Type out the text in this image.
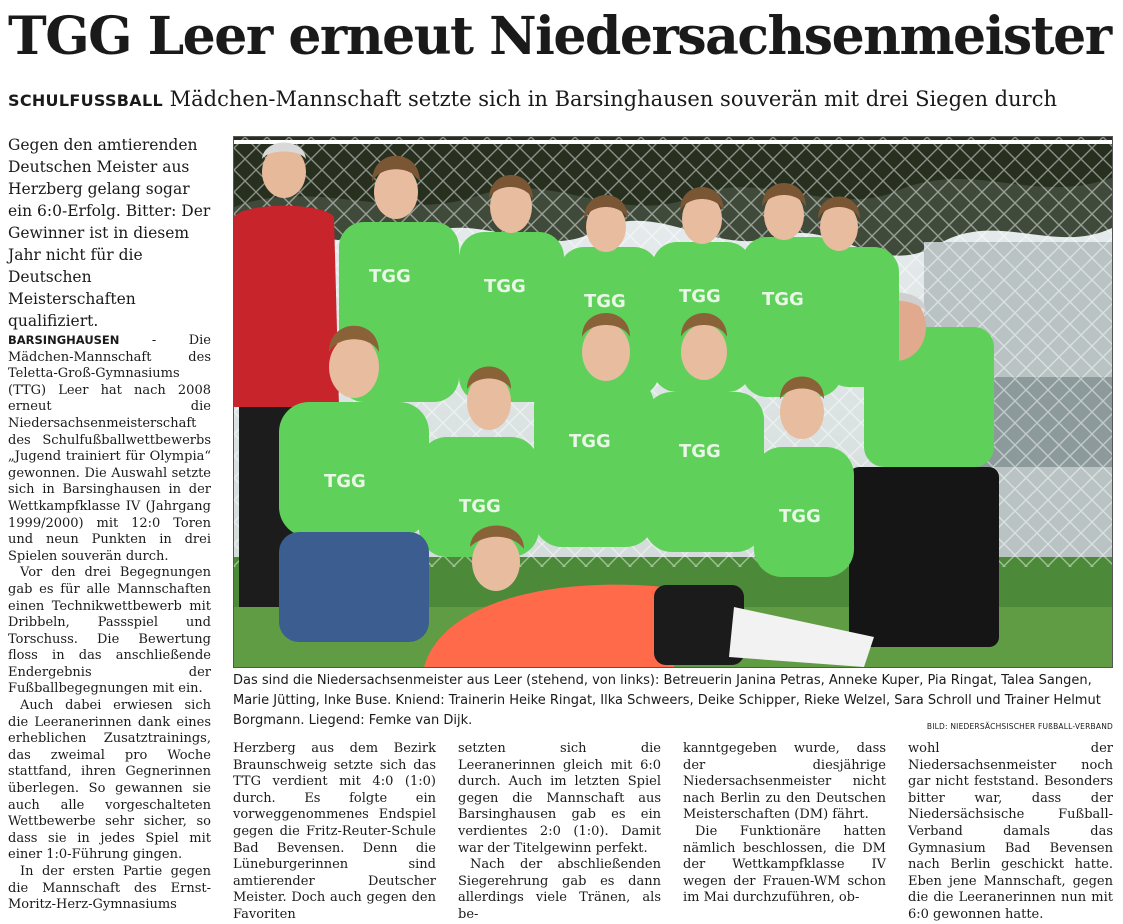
TGG Leer erneut Niedersachsenmeister
SCHULFUSSBALL Mädchen-Mannschaft setzte sich in Barsinghausen souverän mit drei Siegen durch

Gegen den amtierenden Deutschen Meister aus Herzberg gelang sogar ein 6:0-Erfolg. Bitter: Der Gewinner ist in diesem Jahr nicht für die Deutschen Meisterschaften qualifiziert.

BARSINGHAUSEN - Die Mädchen-Mannschaft des Teletta-Groß-Gymnasiums (TTG) Leer hat nach 2008 erneut die Niedersachsenmeisterschaft des Schulfußballwettbewerbs „Jugend trainiert für Olympia“ gewonnen. Die Auswahl setzte sich in Barsinghausen in der Wettkampfklasse IV (Jahrgang 1999/2000) mit 12:0 Toren und neun Punkten in drei Spielen souverän durch.

Vor den drei Begegnungen gab es für alle Mannschaften einen Technikwettbewerb mit Dribbeln, Passspiel und Torschuss. Die Bewertung floss in das anschließende Endergebnis der Fußballbegegnungen mit ein.

Auch dabei erwiesen sich die Leeranerinnen dank eines erheblichen Zusatztrainings, das zweimal pro Woche stattfand, ihren Gegnerinnen überlegen. So gewannen sie auch alle vorgeschalteten Wettbewerbe sehr sicher, so dass sie in jedes Spiel mit einer 1:0-Führung gingen.

In der ersten Partie gegen die Mannschaft des Ernst-Moritz-Herz-Gymnasiums

TGG	TGG
TGG	TGG TGG
TGG
TGG
TGG	TGG
TGG
Das sind die Niedersachsenmeister aus Leer (stehend, von links): Betreuerin Janina Petras, Anneke Kuper, Pia Ringat, Talea Sangen, Marie Jütting, Inke Buse. Kniend: Trainerin Heike Ringat, Ilka Schweers, Deike Schipper, Rieke Welzel, Sara Schroll und Trainer Helmut Borgmann. Liegend: Femke van Dijk.	BILD: NIEDERSÄCHSISCHER FUßBALL-VERBAND

Herzberg aus dem Bezirk Braunschweig setzte sich das TTG verdient mit 4:0 (1:0) durch. Es folgte ein vorweggenommenes Endspiel gegen die Fritz-Reuter-Schule Bad Bevensen. Denn die Lüneburgerinnen sind amtierender Deutscher Meister. Doch auch gegen den Favoriten

setzten sich die Leeranerinnen gleich mit 6:0 durch. Auch im letzten Spiel gegen die Mannschaft aus Barsinghausen gab es ein verdientes 2:0 (1:0). Damit war der Titelgewinn perfekt.

Nach der abschließenden Siegerehrung gab es dann allerdings viele Tränen, als be-

kanntgegeben wurde, dass der diesjährige Niedersachsenmeister nicht nach Berlin zu den Deutschen Meisterschaften (DM) fährt.

Die Funktionäre hatten nämlich beschlossen, die DM der Wettkampfklasse IV wegen der Frauen-WM schon im Mai durchzuführen, ob-

wohl der Niedersachsenmeister noch gar nicht feststand. Besonders bitter war, dass der Niedersächsische Fußball-Verband damals das Gymnasium Bad Bevensen nach Berlin geschickt hatte. Eben jene Mannschaft, gegen die die Leeranerinnen nun mit 6:0 gewonnen hatte.
